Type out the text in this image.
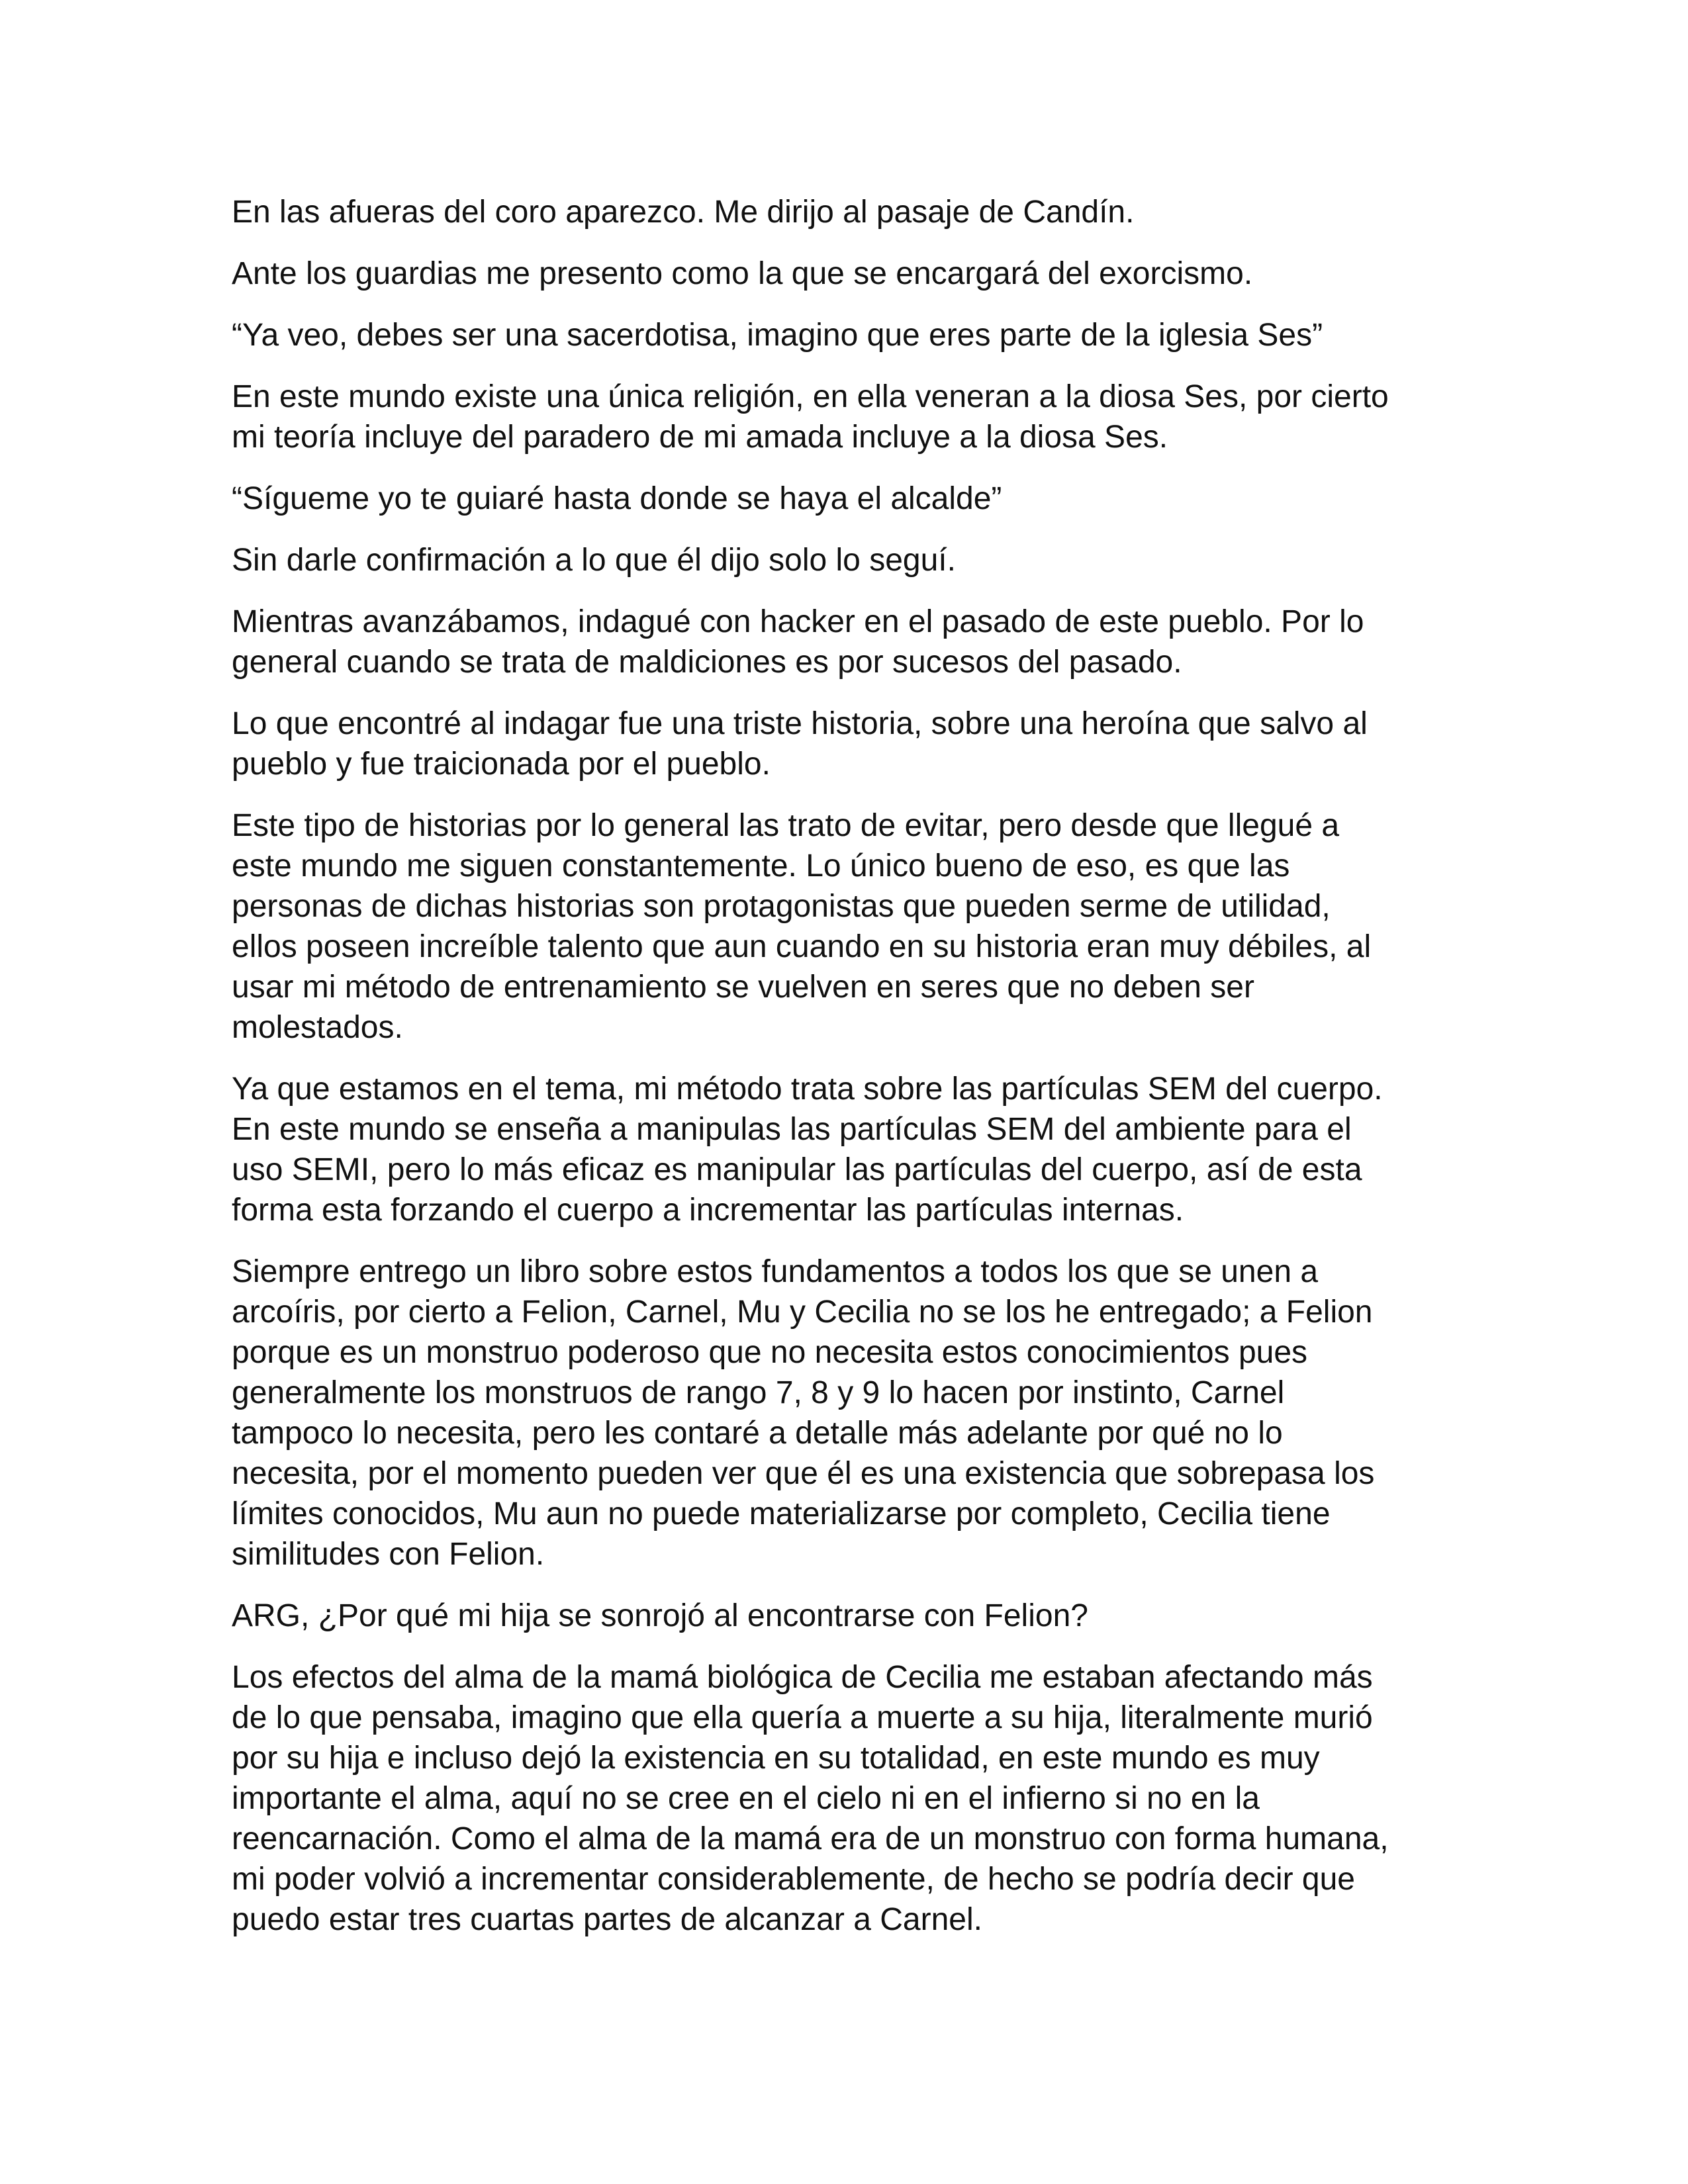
En las afueras del coro aparezco. Me dirijo al pasaje de Candín.

Ante los guardias me presento como la que se encargará del exorcismo.

“Ya veo, debes ser una sacerdotisa, imagino que eres parte de la iglesia Ses”

En este mundo existe una única religión, en ella veneran a la diosa Ses, por cierto
mi teoría incluye del paradero de mi amada incluye a la diosa Ses.

“Sígueme yo te guiaré hasta donde se haya el alcalde”

Sin darle confirmación a lo que él dijo solo lo seguí.

Mientras avanzábamos, indagué con hacker en el pasado de este pueblo. Por lo
general cuando se trata de maldiciones es por sucesos del pasado.

Lo que encontré al indagar fue una triste historia, sobre una heroína que salvo al
pueblo y fue traicionada por el pueblo.

Este tipo de historias por lo general las trato de evitar, pero desde que llegué a
este mundo me siguen constantemente. Lo único bueno de eso, es que las
personas de dichas historias son protagonistas que pueden serme de utilidad,
ellos poseen increíble talento que aun cuando en su historia eran muy débiles, al
usar mi método de entrenamiento se vuelven en seres que no deben ser
molestados.

Ya que estamos en el tema, mi método trata sobre las partículas SEM del cuerpo.
En este mundo se enseña a manipulas las partículas SEM del ambiente para el
uso SEMI, pero lo más eficaz es manipular las partículas del cuerpo, así de esta
forma esta forzando el cuerpo a incrementar las partículas internas.

Siempre entrego un libro sobre estos fundamentos a todos los que se unen a
arcoíris, por cierto a Felion, Carnel, Mu y Cecilia no se los he entregado; a Felion
porque es un monstruo poderoso que no necesita estos conocimientos pues
generalmente los monstruos de rango 7, 8 y 9 lo hacen por instinto, Carnel
tampoco lo necesita, pero les contaré a detalle más adelante por qué no lo
necesita, por el momento pueden ver que él es una existencia que sobrepasa los
límites conocidos, Mu aun no puede materializarse por completo, Cecilia tiene
similitudes con Felion.

ARG, ¿Por qué mi hija se sonrojó al encontrarse con Felion?

Los efectos del alma de la mamá biológica de Cecilia me estaban afectando más
de lo que pensaba, imagino que ella quería a muerte a su hija, literalmente murió
por su hija e incluso dejó la existencia en su totalidad, en este mundo es muy
importante el alma, aquí no se cree en el cielo ni en el infierno si no en la
reencarnación. Como el alma de la mamá era de un monstruo con forma humana,
mi poder volvió a incrementar considerablemente, de hecho se podría decir que
puedo estar tres cuartas partes de alcanzar a Carnel.
